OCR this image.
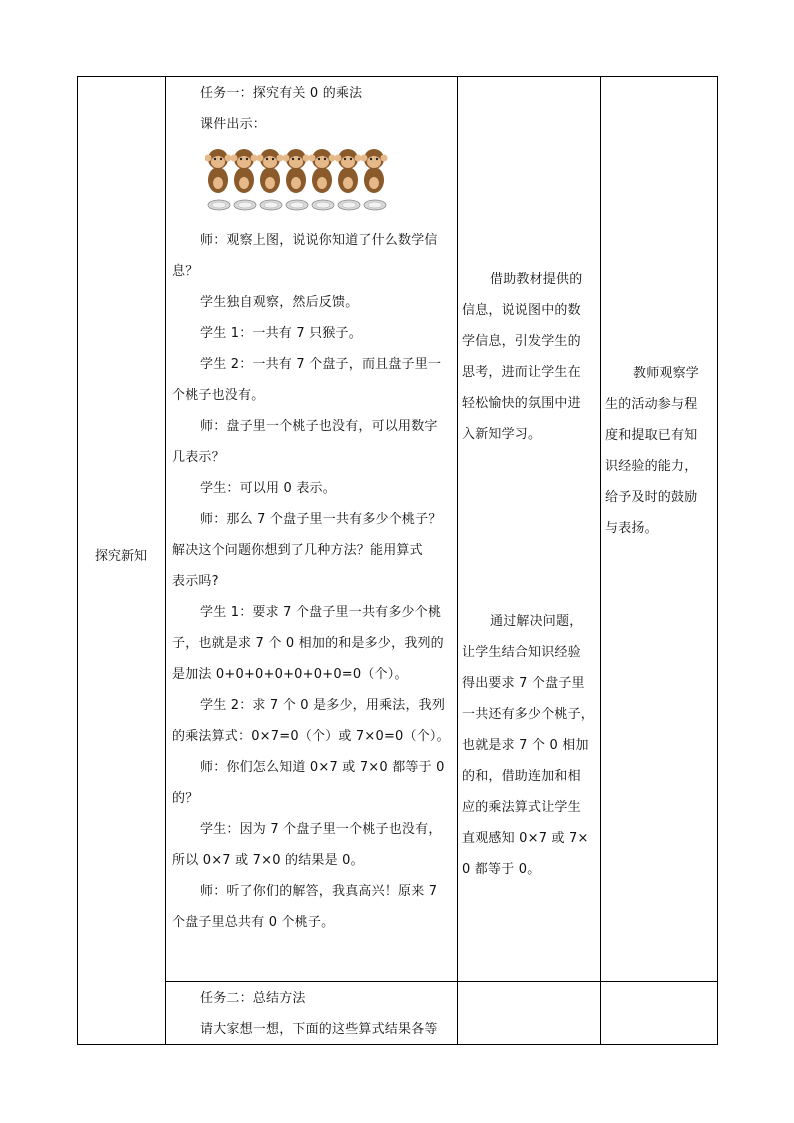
探究新知

任务一：探究有关 0 的乘法

课件出示：

师：观察上图，说说你知道了什么数学信

息？

学生独自观察，然后反馈。

学生 1：一共有 7 只猴子。

学生 2：一共有 7 个盘子，而且盘子里一

个桃子也没有。

师：盘子里一个桃子也没有，可以用数字

几表示？

学生：可以用 0 表示。

师：那么 7 个盘子里一共有多少个桃子？

解决这个问题你想到了几种方法？能用算式

表示吗?

学生 1：要求 7 个盘子里一共有多少个桃

子，也就是求 7 个 0 相加的和是多少，我列的

是加法 0+0+0+0+0+0+0=0（个）。

学生 2：求 7 个 0 是多少，用乘法，我列

的乘法算式：0×7=0（个）或 7×0=0（个）。

师：你们怎么知道 0×7 或 7×0 都等于 0

的？

学生：因为 7 个盘子里一个桃子也没有，

所以 0×7 或 7×0 的结果是 0。

师：听了你们的解答，我真高兴！原来 7

个盘子里总共有 0 个桃子。

借助教材提供的

信息，说说图中的数

学信息，引发学生的

思考，进而让学生在

轻松愉快的氛围中进

入新知学习。

通过解决问题，

让学生结合知识经验

得出要求 7 个盘子里

一共还有多少个桃子，

也就是求 7 个 0 相加

的和，借助连加和相

应的乘法算式让学生

直观感知 0×7 或 7×

0 都等于 0。

教师观察学

生的活动参与程

度和提取已有知

识经验的能力，

给予及时的鼓励

与表扬。

任务二：总结方法

请大家想一想，下面的这些算式结果各等
